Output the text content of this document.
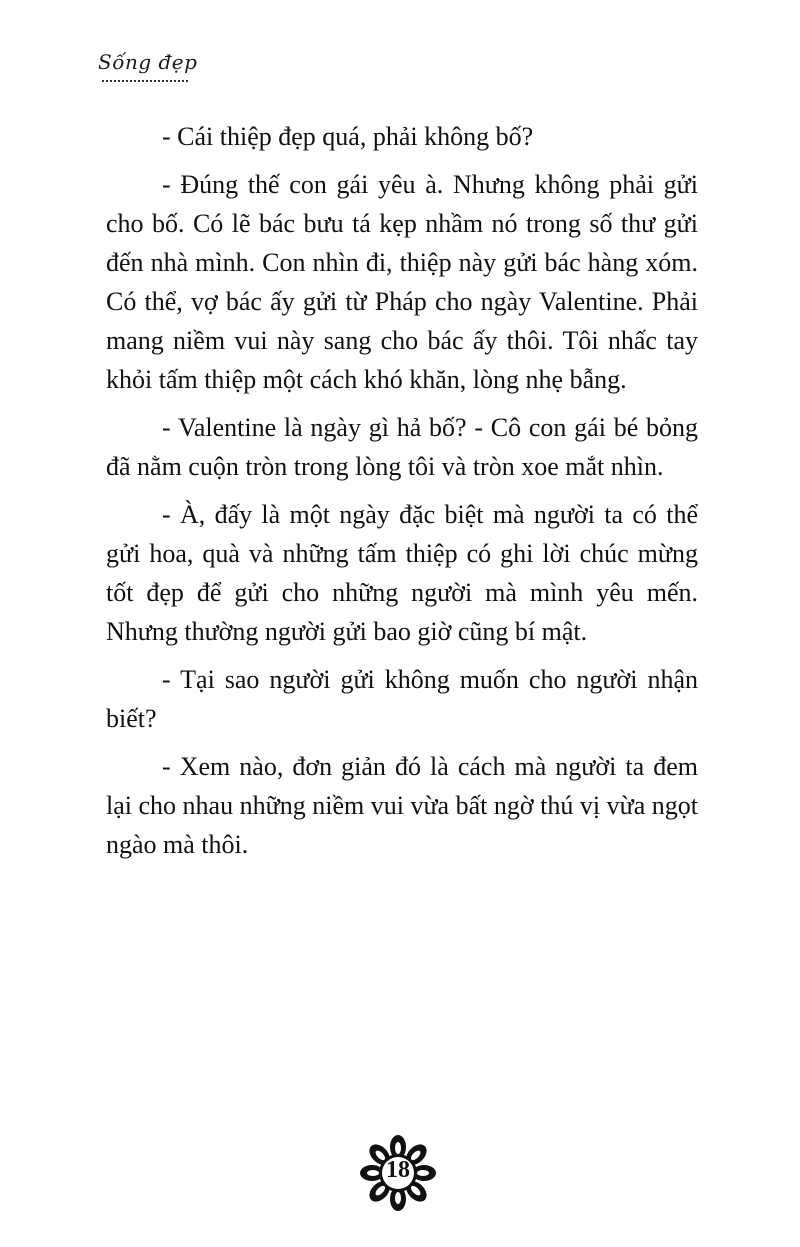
Sống đẹp

- Cái thiệp đẹp quá, phải không bố?

- Đúng thế con gái yêu à. Nhưng không phải gửi cho bố. Có lẽ bác bưu tá kẹp nhầm nó trong số thư gửi đến nhà mình. Con nhìn đi, thiệp này gửi bác hàng xóm. Có thể, vợ bác ấy gửi từ Pháp cho ngày Valentine. Phải mang niềm vui này sang cho bác ấy thôi. Tôi nhấc tay khỏi tấm thiệp một cách khó khăn, lòng nhẹ bẫng.

- Valentine là ngày gì hả bố? - Cô con gái bé bỏng đã nằm cuộn tròn trong lòng tôi và tròn xoe mắt nhìn.

- À, đấy là một ngày đặc biệt mà người ta có thể gửi hoa, quà và những tấm thiệp có ghi lời chúc mừng tốt đẹp để gửi cho những người mà mình yêu mến. Nhưng thường người gửi bao giờ cũng bí mật.

- Tại sao người gửi không muốn cho người nhận biết?

- Xem nào, đơn giản đó là cách mà người ta đem lại cho nhau những niềm vui vừa bất ngờ thú vị vừa ngọt ngào mà thôi.

18
